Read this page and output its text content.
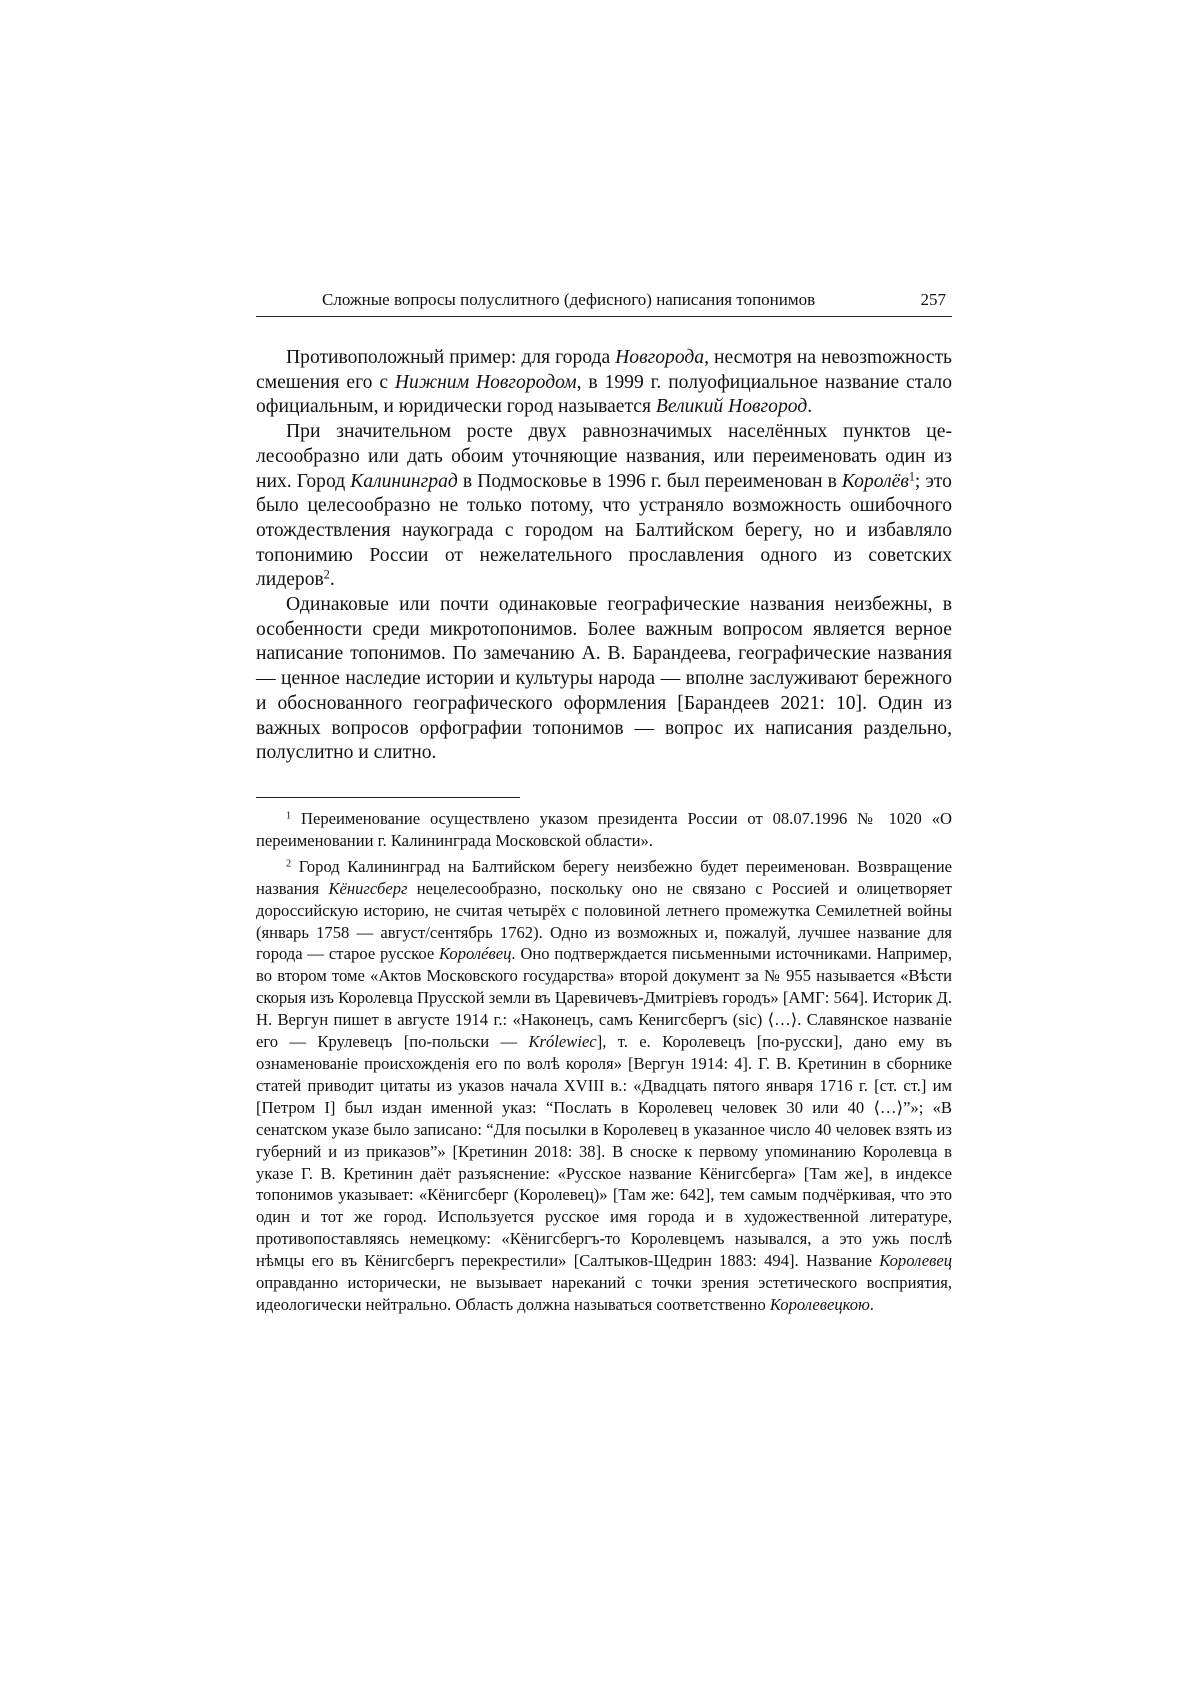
Сложные вопросы полуслитного (дефисного) написания топонимов	257

Противоположный пример: для города Новгорода, несмотря на невозmожность смешения его с Нижним Новгородом, в 1999 г. полуофициальное название стало официальным, и юридически город называется Великий Новгород.

При значительном росте двух равнозначимых населённых пунктов целесообразно или дать обоим уточняющие названия, или переименовать один из них. Город Калининград в Подмосковье в 1996 г. был переименован в Королёв$^1$; это было целесообразно не только потому, что устраняло возможность ошибочного отождествления наукограда с городом на Балтийском берегу, но и избавляло топонимию России от нежелательного прославления одного из советских лидеров$^2$.

Одинаковые или почти одинаковые географические названия неизбежны, в особенности среди микротопонимов. Более важным вопросом является верное написание топонимов. По замечанию А. В. Барандеева, географические названия — ценное наследие истории и культуры народа — вполне заслуживают бережного и обоснованного географического оформления [Барандеев 2021: 10]. Один из важных вопросов орфографии топонимов — вопрос их написания раздельно, полуслитно и слитно.

$^1$ Переименование осуществлено указом президента России от 08.07.1996 № 1020 «О переименовании г. Калининграда Московской области».

$^2$ Город Калининград на Балтийском берегу неизбежно будет переименован. Возвращение названия Кёнигсберг нецелесообразно, поскольку оно не связано с Россией и олицетворяет дороссийскую историю, не считая четырёх с половиной летнего промежутка Семилетней войны (январь 1758 — август/сентябрь 1762). Одно из возможных и, пожалуй, лучшее название для города — старое русское Королéвец. Оно подтверждается письменными источниками. Например, во втором томе «Актов Московского государства» второй документ за № 955 называется «Вѣсти скорыя изъ Королевца Прусской земли въ Царевичевъ-Дмитрiевъ городъ» [АМГ: 564]. Историк Д. Н. Вергун пишет в августе 1914 г.: «Наконецъ, самъ Кенигсбергъ (sic) ⟨…⟩. Славянское названiе его — Крулевецъ [по-польски — Królewiec], т. е. Королевецъ [по-русски], дано ему въ ознаменованiе происхожденiя его по волѣ короля» [Вергун 1914: 4]. Г. В. Кретинин в сборнике статей приводит цитаты из указов начала XVIII в.: «Двадцать пятого января 1716 г. [ст. ст.] им [Петром I] был издан именной указ: “Послать в Королевец человек 30 или 40 ⟨…⟩”»; «В сенатском указе было записано: “Для посылки в Королевец в указанное число 40 человек взять из губерний и из приказов”» [Кретинин 2018: 38]. В сноске к первому упоминанию Королевца в указе Г. В. Кретинин даёт разъяснение: «Русское название Кёнигсберга» [Там же], в индексе топонимов указывает: «Кёнигсберг (Королевец)» [Там же: 642], тем самым подчёркивая, что это один и тот же город. Используется русское имя города и в художественной литературе, противопоставляясь немецкому: «Кёнигсбергъ-то Королевцемъ назывался, а это ужь послѣ нѣмцы его въ Кёнигсбергъ перекрестили» [Салтыков-Щедрин 1883: 494]. Название Королевец оправданно исторически, не вызывает нареканий с точки зрения эстетического восприятия, идеологически нейтрально. Область должна называться соответственно Королевецкою.
